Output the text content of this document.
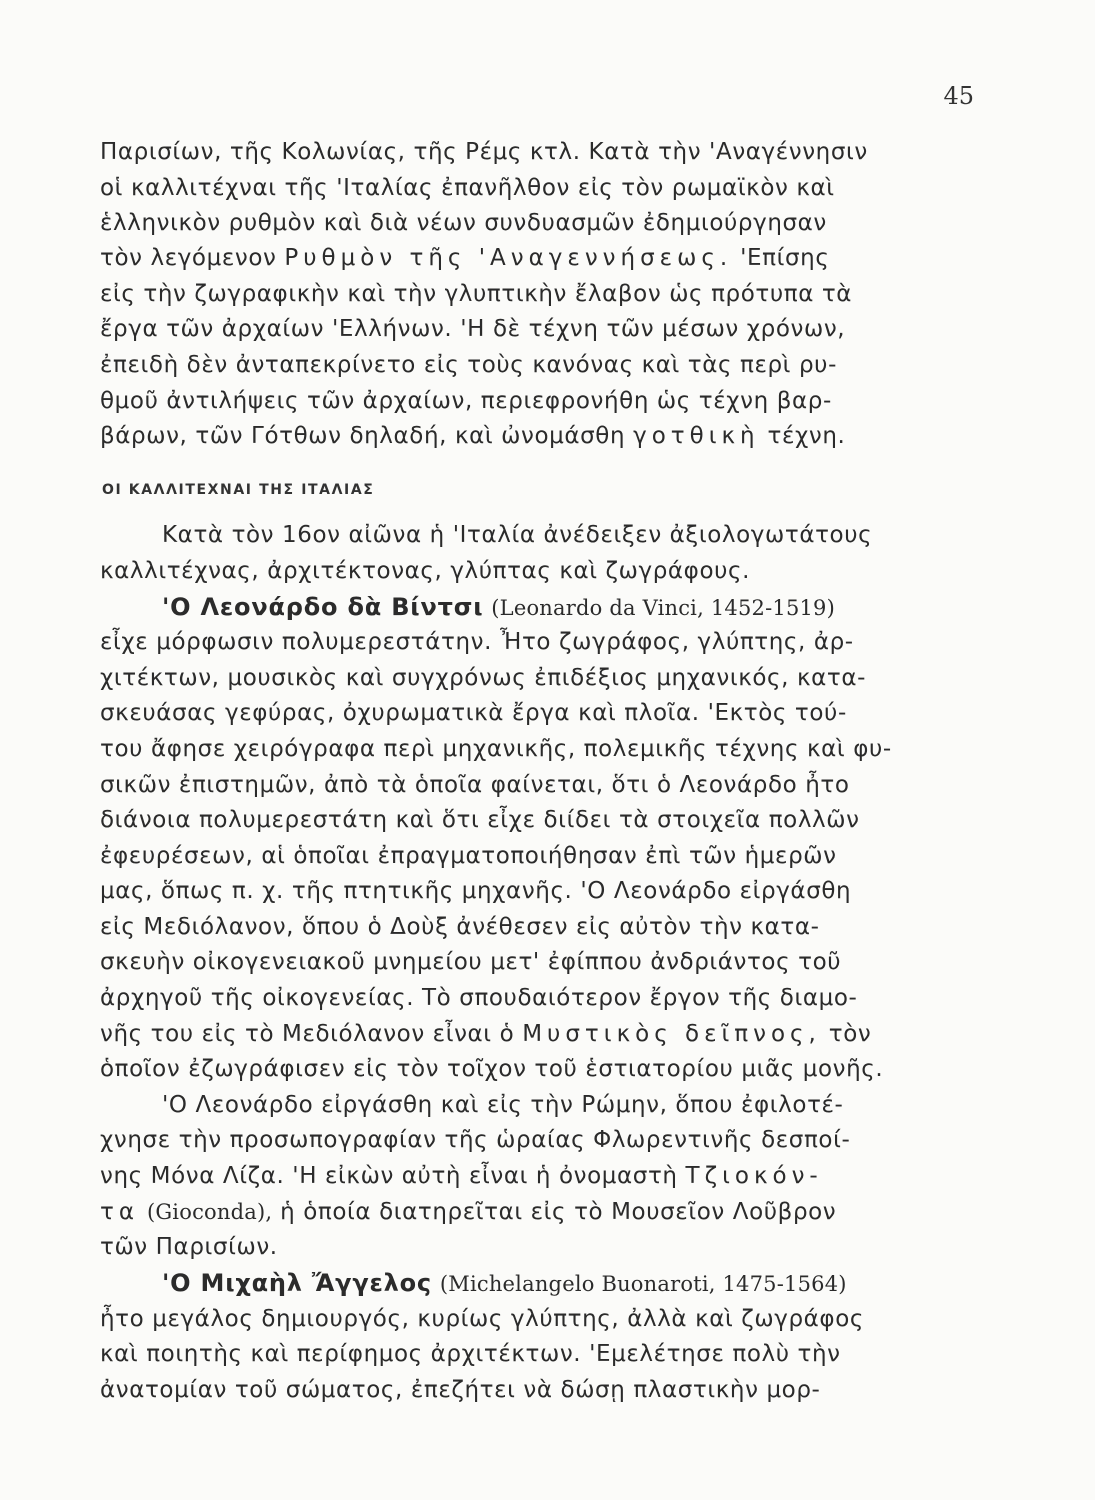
45
Παρισίων, τῆς Κολωνίας, τῆς Ρέμς κτλ. Κατὰ τὴν 'Αναγέννησιν
οἱ καλλιτέχναι τῆς 'Ιταλίας ἐπανῆλθον εἰς τὸν ρωμαϊκὸν καὶ
ἑλληνικὸν ρυθμὸν καὶ διὰ νέων συνδυασμῶν ἐδημιούργησαν
τὸν λεγόμενον Ρυθμὸν τῆς 'Αναγεννήσεως. 'Επίσης
εἰς τὴν ζωγραφικὴν καὶ τὴν γλυπτικὴν ἔλαβον ὡς πρότυπα τὰ
ἔργα τῶν ἀρχαίων 'Ελλήνων. 'Η δὲ τέχνη τῶν μέσων χρόνων,
ἐπειδὴ δὲν ἀνταπεκρίνετο εἰς τοὺς κανόνας καὶ τὰς περὶ ρυ-
θμοῦ ἀντιλήψεις τῶν ἀρχαίων, περιεφρονήθη ὡς τέχνη βαρ-
βάρων, τῶν Γότθων δηλαδή, καὶ ὠνομάσθη γοτθικὴ τέχνη.
ΟΙ ΚΑΛΛΙΤΕΧΝΑΙ ΤΗΣ ΙΤΑΛΙΑΣ
Κατὰ τὸν 16ον αἰῶνα ἡ 'Ιταλία ἀνέδειξεν ἀξιολογωτάτους
καλλιτέχνας, ἀρχιτέκτονας, γλύπτας καὶ ζωγράφους.
'Ο Λεονάρδο δὰ Βίντσι (Leonardo da Vinci, 1452-1519)
εἶχε μόρφωσιν πολυμερεστάτην. Ἦτο ζωγράφος, γλύπτης, ἀρ-
χιτέκτων, μουσικὸς καὶ συγχρόνως ἐπιδέξιος μηχανικός, κατα-
σκευάσας γεφύρας, ὀχυρωματικὰ ἔργα καὶ πλοῖα. 'Εκτὸς τού-
του ἄφησε χειρόγραφα περὶ μηχανικῆς, πολεμικῆς τέχνης καὶ φυ-
σικῶν ἐπιστημῶν, ἀπὸ τὰ ὁποῖα φαίνεται, ὅτι ὁ Λεονάρδο ἦτο
διάνοια πολυμερεστάτη καὶ ὅτι εἶχε διίδει τὰ στοιχεῖα πολλῶν
ἐφευρέσεων, αἱ ὁποῖαι ἐπραγματοποιήθησαν ἐπὶ τῶν ἡμερῶν
μας, ὅπως π. χ. τῆς πτητικῆς μηχανῆς. 'Ο Λεονάρδο εἰργάσθη
εἰς Μεδιόλανον, ὅπου ὁ Δοὺξ ἀνέθεσεν εἰς αὐτὸν τὴν κατα-
σκευὴν οἰκογενειακοῦ μνημείου μετ' ἐφίππου ἀνδριάντος τοῦ
ἀρχηγοῦ τῆς οἰκογενείας. Τὸ σπουδαιότερον ἔργον τῆς διαμο-
νῆς του εἰς τὸ Μεδιόλανον εἶναι ὁ Μυστικὸς δεῖπνος, τὸν
ὁποῖον ἐζωγράφισεν εἰς τὸν τοῖχον τοῦ ἑστιατορίου μιᾶς μονῆς.
'Ο Λεονάρδο εἰργάσθη καὶ εἰς τὴν Ρώμην, ὅπου ἐφιλοτέ-
χνησε τὴν προσωπογραφίαν τῆς ὡραίας Φλωρεντινῆς δεσποί-
νης Μόνα Λίζα. 'Η εἰκὼν αὐτὴ εἶναι ἡ ὀνομαστὴ Τζιοκόν-
τα (Gioconda), ἡ ὁποία διατηρεῖται εἰς τὸ Μουσεῖον Λοῦβρον
τῶν Παρισίων.
'Ο Μιχαὴλ Ἄγγελος (Michelangelo Buonaroti, 1475-1564)
ἦτο μεγάλος δημιουργός, κυρίως γλύπτης, ἀλλὰ καὶ ζωγράφος
καὶ ποιητὴς καὶ περίφημος ἀρχιτέκτων. 'Εμελέτησε πολὺ τὴν
ἀνατομίαν τοῦ σώματος, ἐπεζήτει νὰ δώσῃ πλαστικὴν μορ-
